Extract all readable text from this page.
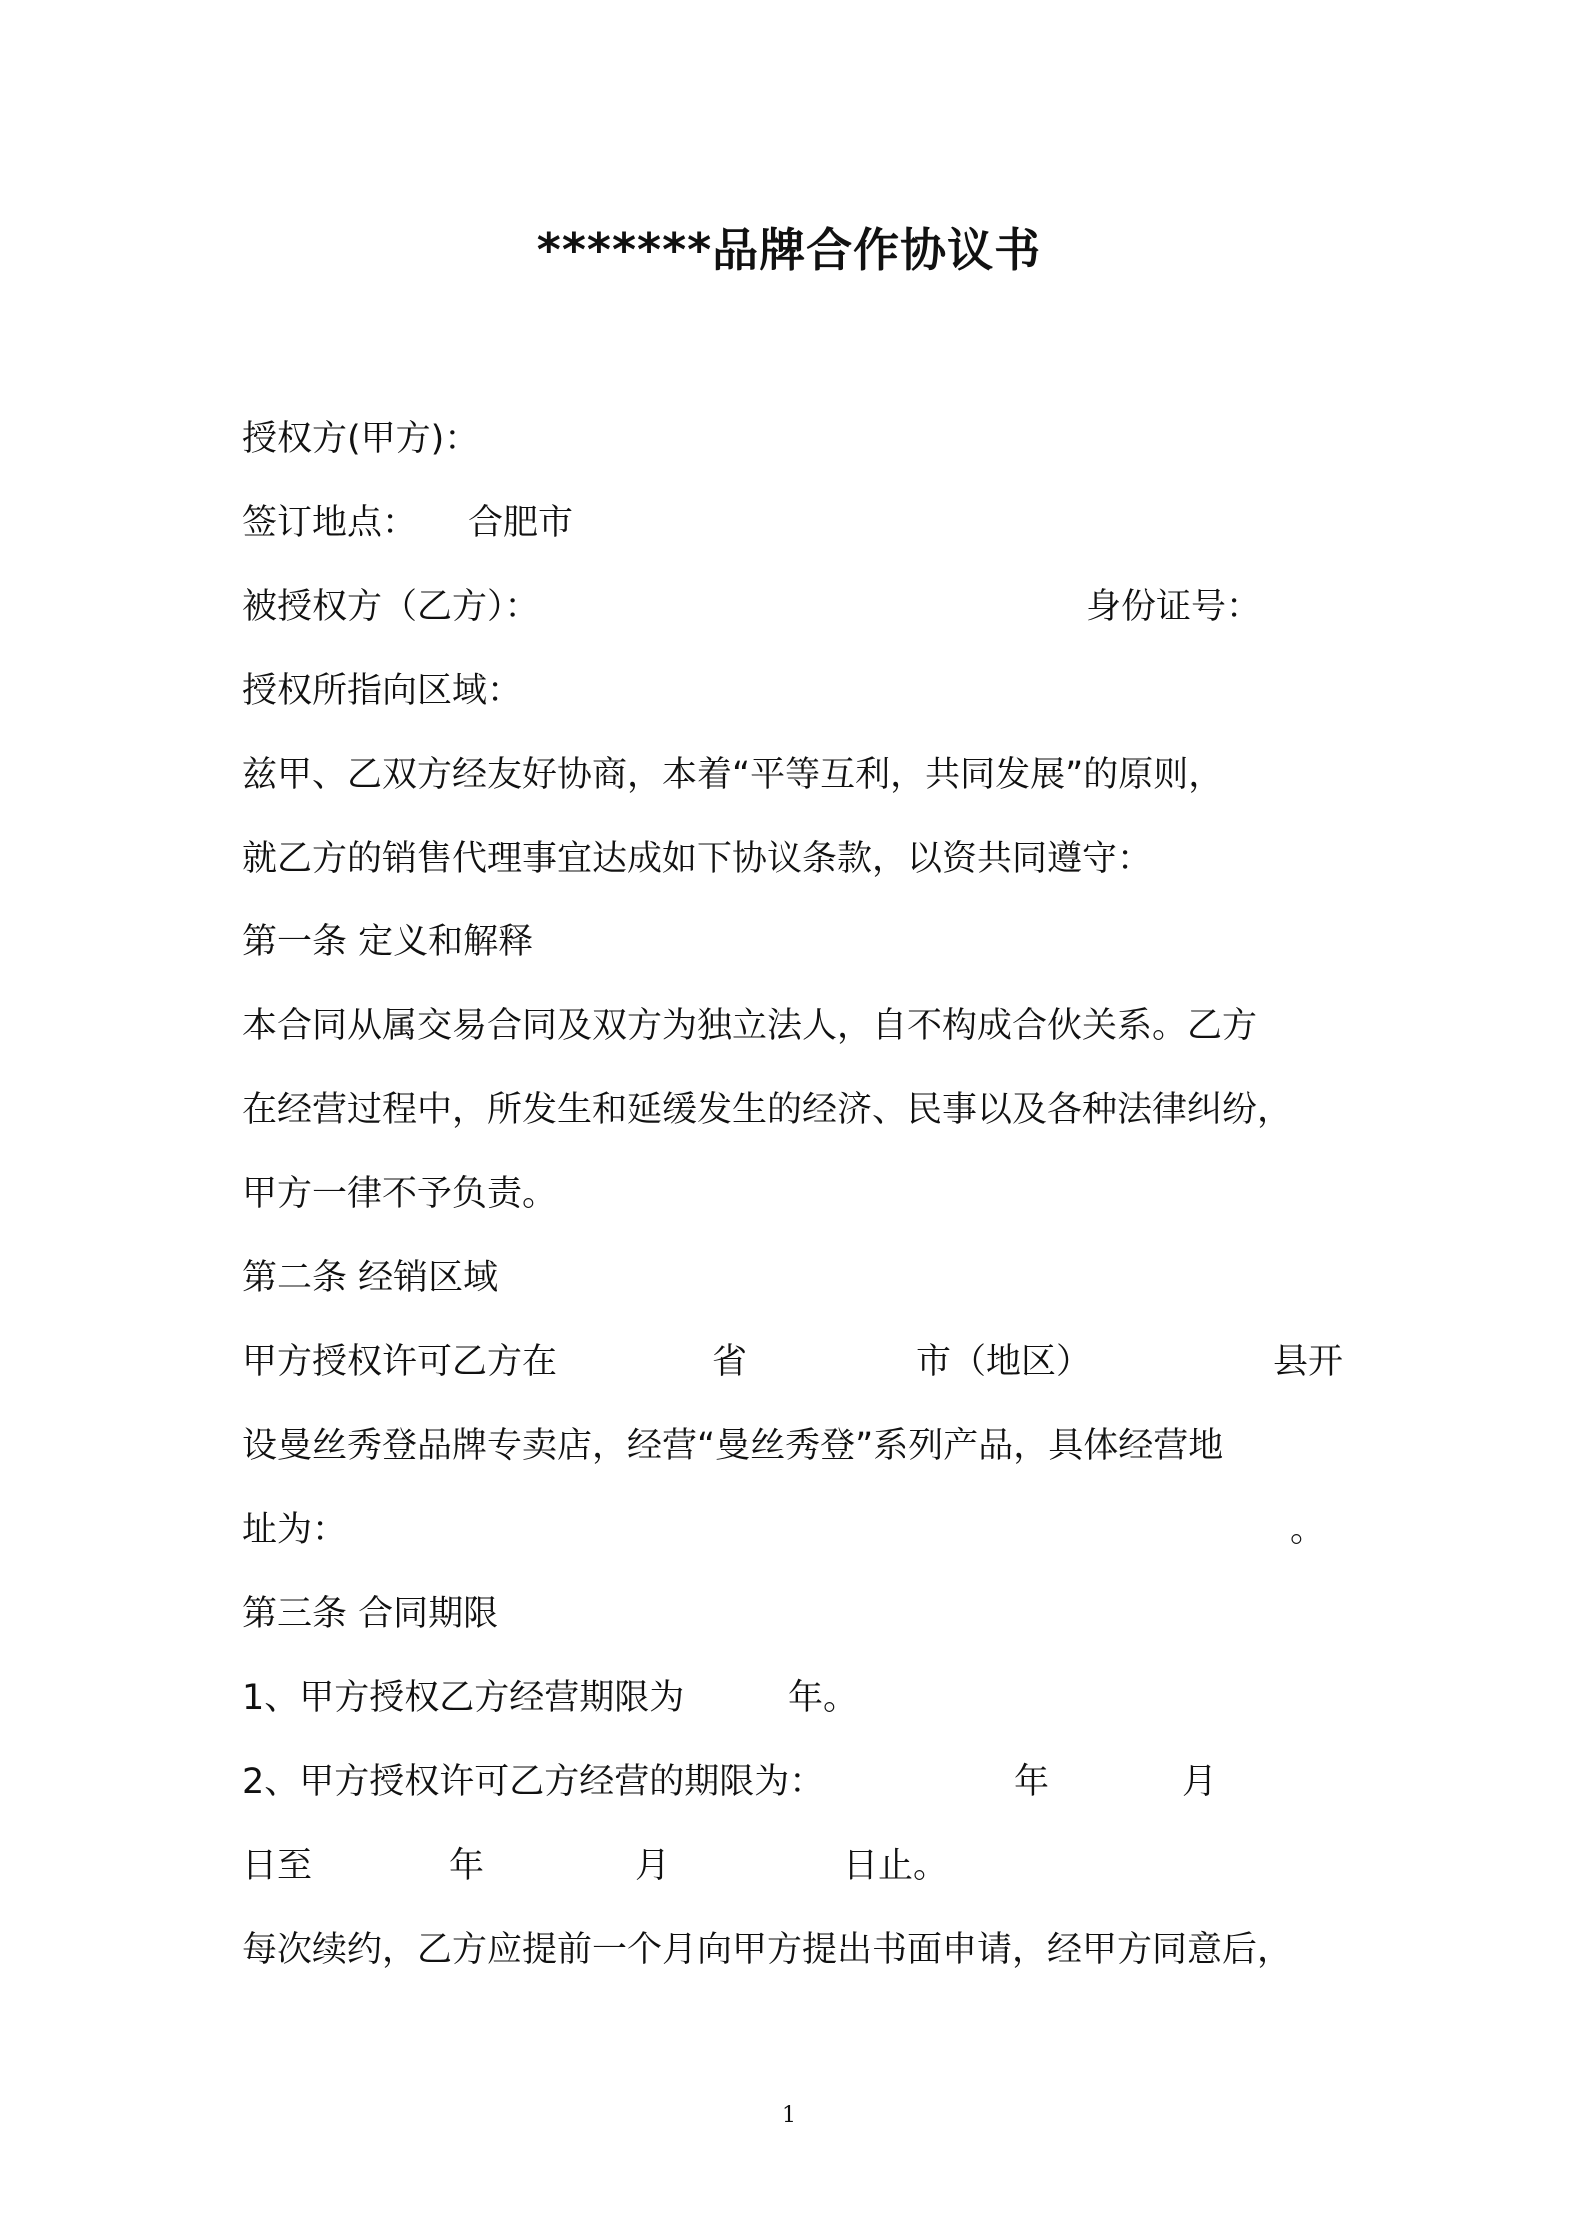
*******品牌合作协议书
授权方(甲方)：
签订地点： 合肥市
被授权方（乙方）：	身份证号：
授权所指向区域：
兹甲、乙双方经友好协商，本着“平等互利，共同发展”的原则，
就乙方的销售代理事宜达成如下协议条款，以资共同遵守：
第一条 定义和解释
本合同从属交易合同及双方为独立法人，自不构成合伙关系。乙方
在经营过程中，所发生和延缓发生的经济、民事以及各种法律纠纷，
甲方一律不予负责。
第二条 经销区域
甲方授权许可乙方在	省	市（地区）	县开
设曼丝秀登品牌专卖店，经营“曼丝秀登”系列产品，具体经营地
址为：	。
第三条 合同期限
1、甲方授权乙方经营期限为	年。
2、甲方授权许可乙方经营的期限为：	年	月
日至	年	月	日止。
每次续约，乙方应提前一个月向甲方提出书面申请，经甲方同意后，
1
